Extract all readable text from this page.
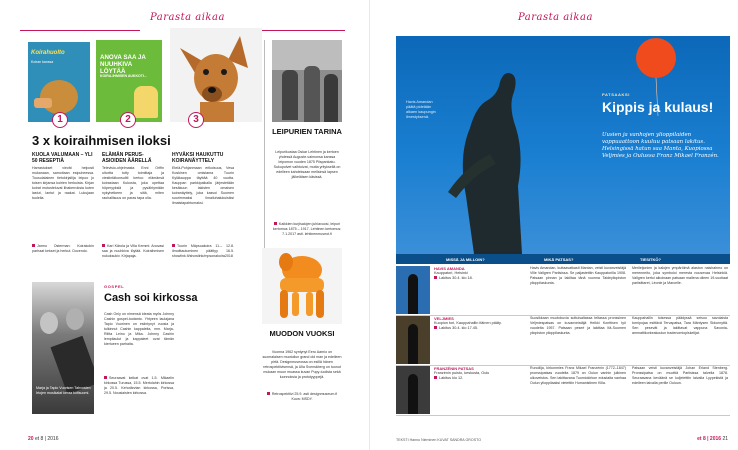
Parasta aikaa
Koirahuolto
Koiran kanssa
ANOVA SAA JA NUUHKIVA LÖYTÄÄ
KOIRA-IHMISEN AUKKOTI...
1	2	3
3 x koiraihmisen iloksi
KUOLA VALUMAAN – YLI 50 RESEPTIÄ
Harrastukset vievät helposti mukanaan, samoitaan esipuheessa. Tuusulalainen tietokirjailija leipoo jo toisen kirjansa koirien herkuista. Kirjan koirat mutusteluvat lihakerroksia kuten lastut, lantut ja raakat. Lukujaan tuulella.
Jarmo Osterman: Koirakokin parhaat kekset ja herkut. Docendo.
ELÄMÄN PERUS-ASIOIDEN ÄÄRELLÄ
Televisio-ohjelmasta Enni Orffin ulturtta tutty toimittaja ja viestintäkonsultti kertoo elämänsä koirastaan Kukosta, joka opettaa höperyyksiä ja pysähtymään nykyhetkeen ja siitä, miten rauhallisuus on paras tapa olla.
Kari Kärola ja Villa Kemmi: Anovasi saa ja nuuhkiva löytää. Koiraihmisen nukuksukiv. Kirjapaja.
HYVÄKSI HAUKUTTU KOIRANÄYTTELY
Etelä-Pohjanmaan erikoisuus, Vesa Koskinen omistama Tuurin Kyläkauppa täyttää 40 vuotta. Kauppan parkkipaikalla järjestetään kesäkuun lakisten omaisen koiranäyttely, joka kasvoi Suomen suurimmaksi ilmailuhalukuisiksi ilmaistapahtumaksi.
Tuurin Mäpsoakoira 11.– 12.8. ilmoittautuminen päättyy 16.5. showlink.fi/showlink/mpsonakoira2018
LEIPURIEN TARINA
Leipurikustaa Oskar Lehtinen ja kertoen yhdessä Auguste-vaimonsa kanssa leipomon vuoden 1875 Piispankatu. Sukupolvet vaihtuivat, mutta yrityksellä on edelleen kahdeksaan mellsinsä lapsen jälkeläisen käsissä.
Kaikkien kurjisalojen juhlavuosi, leipuri kertomus 1875 – 1917. Lehtinen kertomus: 7.1.2017 asti. lehtinenmuseot.fi
Marja ja Tapio Vuorisen Tahvosten Irtojen musikalat keraa kotisuomi.
GOSPEL
Cash soi kirkossa
Cash Only on nimensä ideata myös Johnny Cashin gospel-tuotanto. Yhtyeen laulajana Tapio Vuorinen on esiintynyt vuosia ja tulkinnut Cashin kappaleita, mm. Marja-Riitta Leino ja Mika. Johnny Cashin lempilaulut ja kappaleet ovat tämän kiertueen parhaita.
Seuraavat keikat ovat 1.5. Mikaelin kirkossa Turussa, 15.5. Mertolahin kirkossa ja 20.5. Kehotärvian kirkossa, Porissa, 29.5. Nousiaisten kirkossa.
MUODON VUOKSI
Vuonna 1962 syntynyt Eero Aarnio on suomalaisen muotoilun grand old man ja edelleen pirtä. Designmuseossa on esillä hänen retrospektiivisensä, ja Ulla Svenskberg on tuonut mukaan muun muassa kuvan Pupy-tuolista sekä luonnoksia ja prototyyppejä.
Retrospektiivi 25.9. asti designmuseum.fi Kuva: MSDY.
20 et 8 | 2016
Parasta aikaa
Havis Amandan päätä pidetään alkaen kaupungin ilmestyksenä.
PATSAAKSI
Kippis ja kulaus!
Uusien ja vanhojen ylioppilaiden vappuaattoon kuuluu patsaan lakitus. Helsingissä hatun saa Manta, Kuopiossa Veljmies ja Oulussa Franz Mikael Franzén.
MISSÄ JA MILLOIN?	MIKÄ PATSAS?	TIESITKÖ?
HAVIS AMANDA
Kauppatori, Helsinki
Lakitus 30.4. klo 18.
Havis Amandan, kuttaavatkasti Mantan, veisti kuvanveistäjä Ville Vallgren Pariisissa. Se paljastettiin Kauppatorilla 1908. Patsaan pinnan ja lakiltaa tänä vuonna Taideyliopiston ylioppilaskunta.
Merileijonien ja kalojen ympäröimä alaston naishahmo on merenneito, joka symboloi meresta nousevaa Helsinkiä. Vallgren kertoi aikoinaan patsaan mallena olleen 19-vuotiaat pariisittaret, Léonie ja Marcelle.
VELJMIES
Kuopion tori, Kauppahallin itäinen pääty.
Lakitus 30.4. klo 17.45.
Suosikkaan muotokuvia suttuisaltassa teltassa pronssinen Veljmiespatsas on kuvanveistäjä Heikki Konttisen työ vuodelta 1957. Patsaan peseé ja lakittaa Itä-Suomen yliopiston ylioppilaskunta.
Kauppahallin toisessa päädyssä seisoo savolaista tornipojaa esittävä Tervapatsa, Tara Mäntysen Sidonnyttä. Sen pesevät ja lakittavat vappuna Savonia- ammattikorkeakoulun tradenomiopiskelijat.
FRANZÉNIN PATSAS
Franzénin puisto, keskusta, Oulu
Lakitus klo 12.
Runoilija, kirkonmies Franz Mikael Franzénin (1772–1847) pronssipatsas vuodelta 1879 on Oulun vanhin julkinen ulkoveistos. Sen lakittavana Tuomiokirkon edustalta vanhaa Oulun ylioppilaaksi vietettiin Humanistinen Killa.
Patsaan veisti kuvanveistäjä Johan Erland Stenberg. Pronssipatsa on muottiä Pariisissa talvella 1878. Seuraavana keväänä se kuljetettiin laivalla Lyypekistä ja edelleen laivalla perille Ouluun.
TEKSTI Hannu Nieminen KUVAT SANDRA GROSTO	et 8 | 2016 21
